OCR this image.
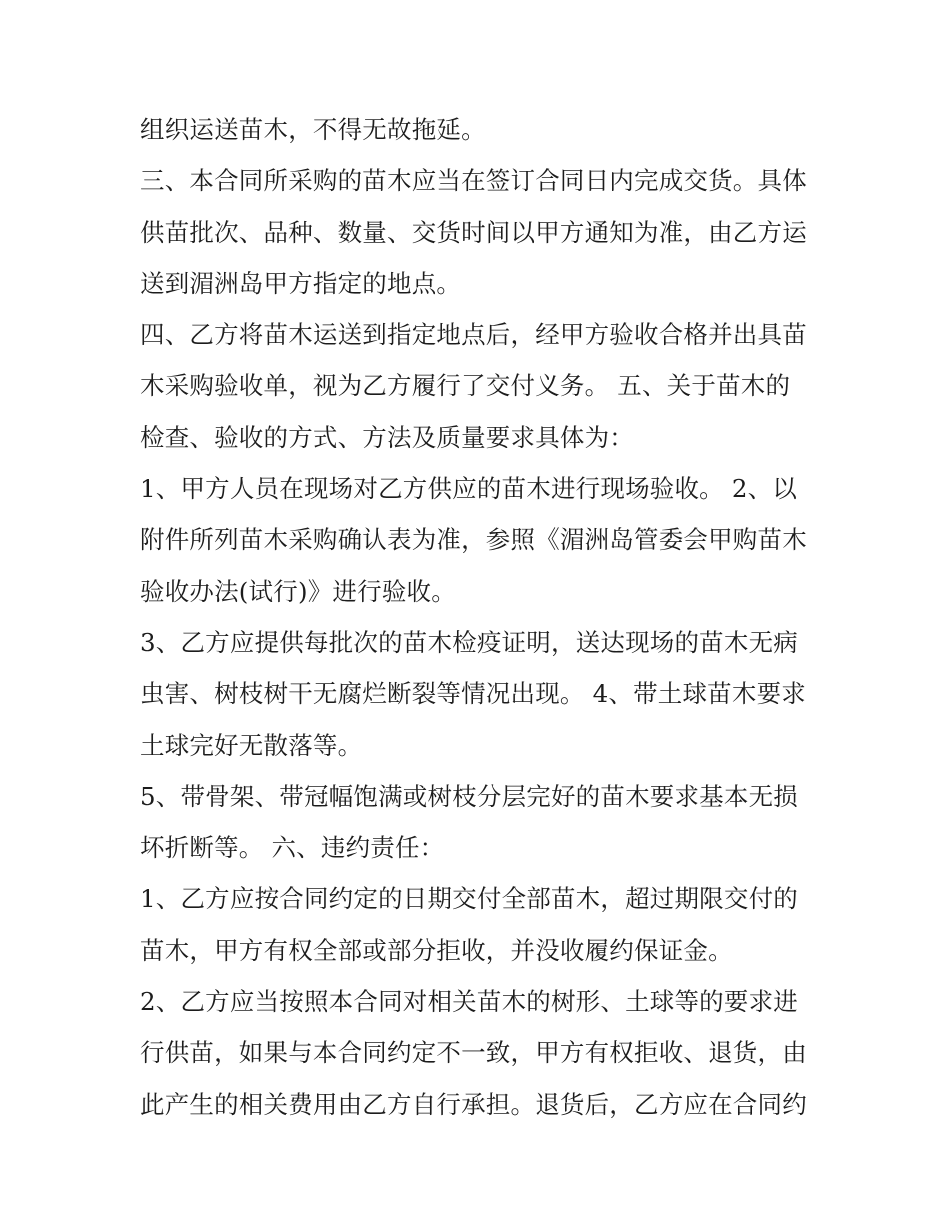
组织运送苗木，不得无故拖延。
三、本合同所采购的苗木应当在签订合同日内完成交货。具体
供苗批次、品种、数量、交货时间以甲方通知为准，由乙方运
送到湄洲岛甲方指定的地点。
四、乙方将苗木运送到指定地点后，经甲方验收合格并出具苗
木采购验收单，视为乙方履行了交付义务。 五、关于苗木的
检查、验收的方式、方法及质量要求具体为：
1、甲方人员在现场对乙方供应的苗木进行现场验收。 2、以
附件所列苗木采购确认表为准，参照《湄洲岛管委会甲购苗木
验收办法(试行)》进行验收。
3、乙方应提供每批次的苗木检疫证明，送达现场的苗木无病
虫害、树枝树干无腐烂断裂等情况出现。 4、带土球苗木要求
土球完好无散落等。
5、带骨架、带冠幅饱满或树枝分层完好的苗木要求基本无损
坏折断等。 六、违约责任：
1、乙方应按合同约定的日期交付全部苗木，超过期限交付的
苗木，甲方有权全部或部分拒收，并没收履约保证金。
2、乙方应当按照本合同对相关苗木的树形、土球等的要求进
行供苗，如果与本合同约定不一致，甲方有权拒收、退货，由
此产生的相关费用由乙方自行承担。退货后，乙方应在合同约
